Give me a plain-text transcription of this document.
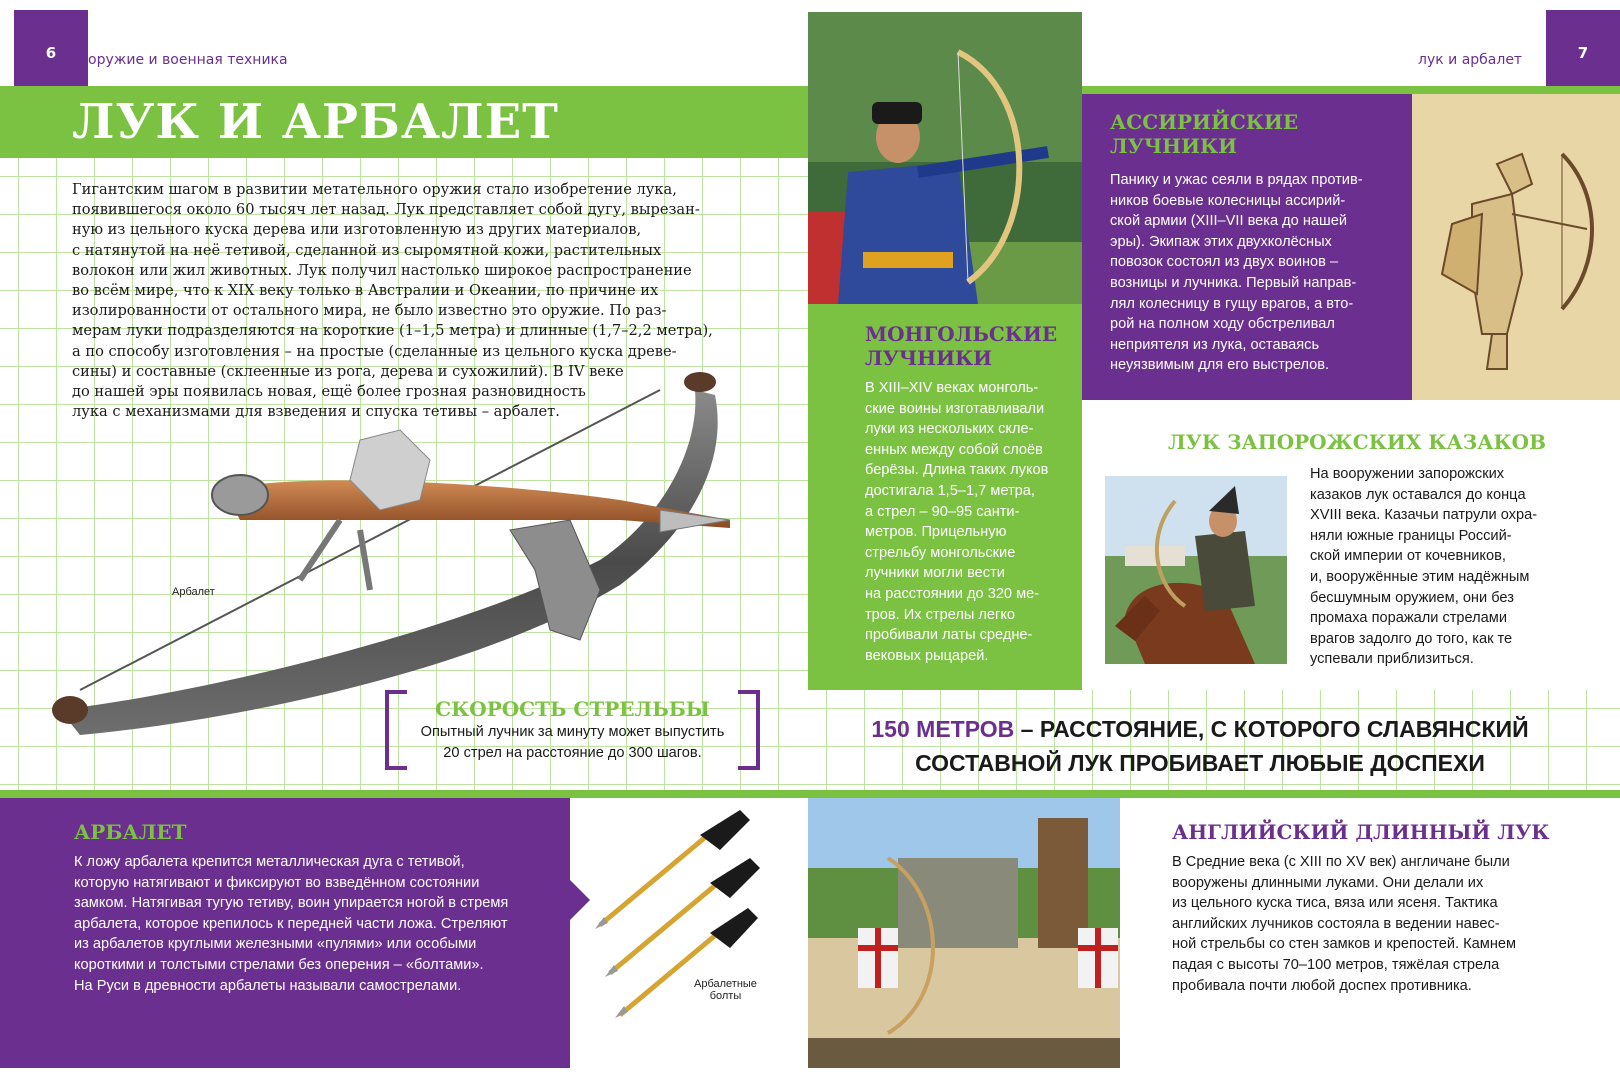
6	оружие и военная техника	7
лук и арбалет
ЛУК И АРБАЛЕТ
Гигантским шагом в развитии метательного оружия стало изобретение лука,
появившегося около 60 тысяч лет назад. Лук представляет собой дугу, вырезан-
ную из цельного куска дерева или изготовленную из других материалов,
с натянутой на неё тетивой, сделанной из сыромятной кожи, растительных
волокон или жил животных. Лук получил настолько широкое распространение
во всём мире, что к XIX веку только в Австралии и Океании, по причине их
изолированности от остального мира, не было известно это оружие. По раз-
мерам луки подразделяются на короткие (1–1,5 метра) и длинные (1,7–2,2 метра),
а по способу изготовления – на простые (сделанные из цельного куска древе-
сины) и составные (склеенные из рога, дерева и сухожилий). В IV веке
до нашей эры появилась новая, ещё более грозная разновидность
лука с механизмами для взведения и спуска тетивы – арбалет.
Арбалет
СКОРОСТЬ СТРЕЛЬБЫ
Опытный лучник за минуту может выпустить
20 стрел на расстояние до 300 шагов.
МОНГОЛЬСКИЕ
ЛУЧНИКИ
В XIII–XIV веках монголь-
ские воины изготавливали
луки из нескольких скле-
енных между собой слоёв
берёзы. Длина таких луков
достигала 1,5–1,7 метра,
а стрел – 90–95 санти-
метров. Прицельную
стрельбу монгольские
лучники могли вести
на расстоянии до 320 ме-
тров. Их стрелы легко
пробивали латы средне-
вековых рыцарей.
АССИРИЙСКИЕ
ЛУЧНИКИ
Панику и ужас сеяли в рядах против-
ников боевые колесницы ассирий-
ской армии (XIII–VII века до нашей
эры). Экипаж этих двухколёсных
повозок состоял из двух воинов –
возницы и лучника. Первый направ-
лял колесницу в гущу врагов, а вто-
рой на полном ходу обстреливал
неприятеля из лука, оставаясь
неуязвимым для его выстрелов.
ЛУК ЗАПОРОЖСКИХ КАЗАКОВ
На вооружении запорожских
казаков лук оставался до конца
XVIII века. Казачьи патрули охра-
няли южные границы Россий-
ской империи от кочевников,
и, вооружённые этим надёжным
бесшумным оружием, они без
промаха поражали стрелами
врагов задолго до того, как те
успевали приблизиться.
150 МЕТРОВ – РАССТОЯНИЕ, С КОТОРОГО СЛАВЯНСКИЙ
СОСТАВНОЙ ЛУК ПРОБИВАЕТ ЛЮБЫЕ ДОСПЕХИ
АРБАЛЕТ
К ложу арбалета крепится металлическая дуга с тетивой,
которую натягивают и фиксируют во взведённом состоянии
замком. Натягивая тугую тетиву, воин упирается ногой в стремя
арбалета, которое крепилось к передней части ложа. Стреляют
из арбалетов круглыми железными «пулями» или особыми
короткими и толстыми стрелами без оперения – «болтами».
На Руси в древности арбалеты называли самострелами.	Арбалетные
болты
АНГЛИЙСКИЙ ДЛИННЫЙ ЛУК
В Средние века (с XIII по XV век) англичане были
вооружены длинными луками. Они делали их
из цельного куска тиса, вяза или ясеня. Тактика
английских лучников состояла в ведении навес-
ной стрельбы со стен замков и крепостей. Камнем
падая с высоты 70–100 метров, тяжёлая стрела
пробивала почти любой доспех противника.
